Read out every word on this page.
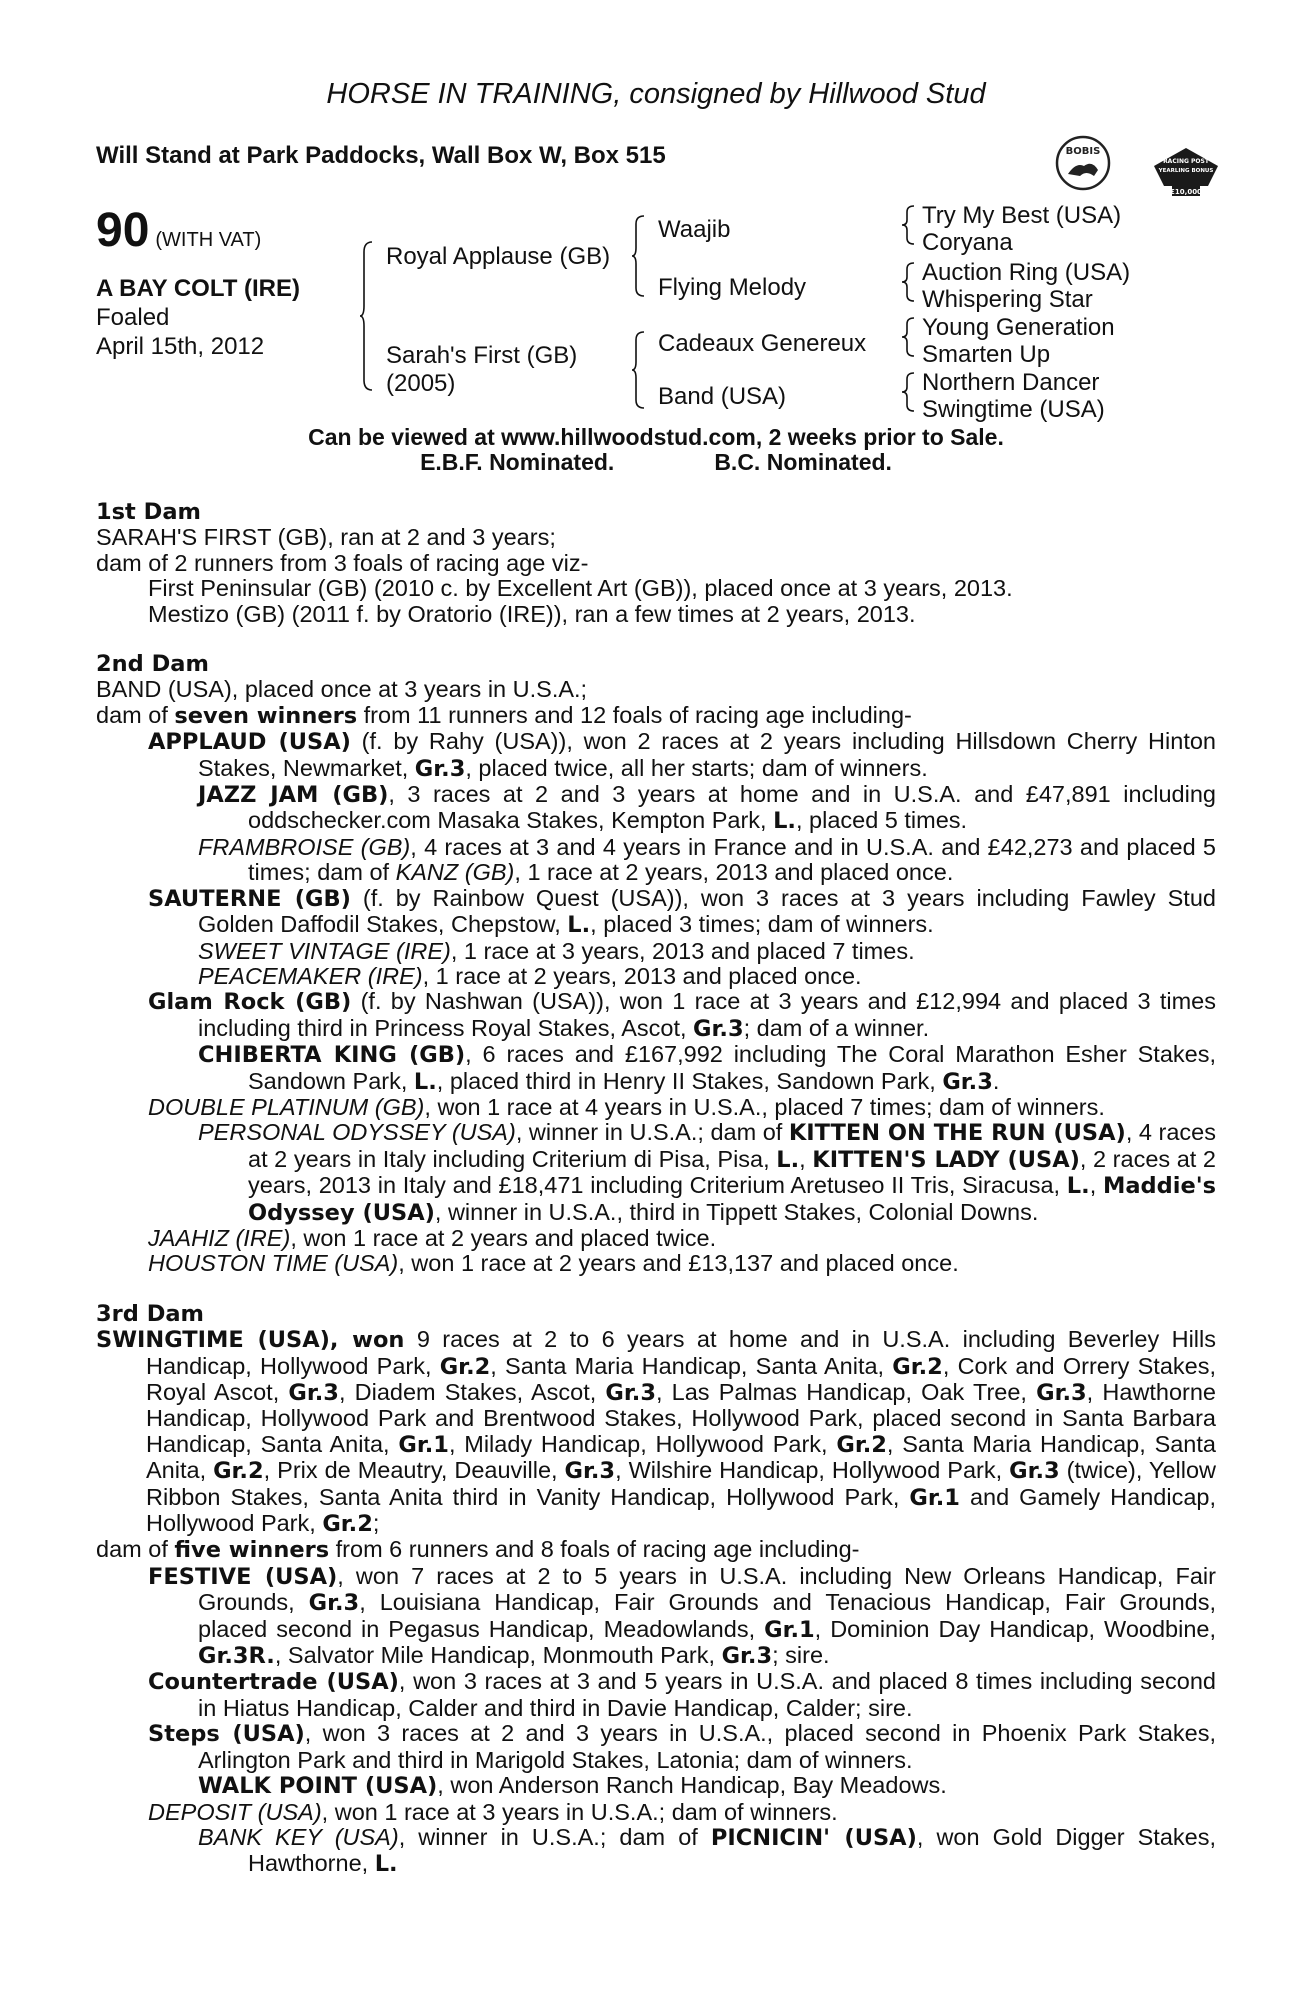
HORSE IN TRAINING, consigned by Hillwood Stud
Will Stand at Park Paddocks, Wall Box W, Box 515	BOBIS
RACING POST
YEARLING BONUS
£10,000
90 (WITH VAT)
A BAY COLT (IRE)
Foaled
April 15th, 2012
Royal Applause (GB)
Sarah's First (GB)
(2005)
Waajib
Flying Melody
Cadeaux Genereux
Band (USA)
Try My Best (USA)
Coryana
Auction Ring (USA)
Whispering Star
Young Generation
Smarten Up
Northern Dancer
Swingtime (USA)
Can be viewed at www.hillwoodstud.com, 2 weeks prior to Sale.
E.B.F. Nominated.	B.C. Nominated.

1st Dam

SARAH'S FIRST (GB), ran at 2 and 3 years;

dam of 2 runners from 3 foals of racing age viz-

First Peninsular (GB) (2010 c. by Excellent Art (GB)), placed once at 3 years, 2013.

Mestizo (GB) (2011 f. by Oratorio (IRE)), ran a few times at 2 years, 2013.

2nd Dam

BAND (USA), placed once at 3 years in U.S.A.;

dam of seven winners from 11 runners and 12 foals of racing age including-

APPLAUD (USA) (f. by Rahy (USA)), won 2 races at 2 years including Hillsdown Cherry Hinton Stakes, Newmarket, Gr.3, placed twice, all her starts; dam of winners.

JAZZ JAM (GB), 3 races at 2 and 3 years at home and in U.S.A. and £47,891 including oddschecker.com Masaka Stakes, Kempton Park, L., placed 5 times.

FRAMBROISE (GB), 4 races at 3 and 4 years in France and in U.S.A. and £42,273 and placed 5 times; dam of KANZ (GB), 1 race at 2 years, 2013 and placed once.

SAUTERNE (GB) (f. by Rainbow Quest (USA)), won 3 races at 3 years including Fawley Stud Golden Daffodil Stakes, Chepstow, L., placed 3 times; dam of winners.

SWEET VINTAGE (IRE), 1 race at 3 years, 2013 and placed 7 times.

PEACEMAKER (IRE), 1 race at 2 years, 2013 and placed once.

Glam Rock (GB) (f. by Nashwan (USA)), won 1 race at 3 years and £12,994 and placed 3 times including third in Princess Royal Stakes, Ascot, Gr.3; dam of a winner.

CHIBERTA KING (GB), 6 races and £167,992 including The Coral Marathon Esher Stakes, Sandown Park, L., placed third in Henry II Stakes, Sandown Park, Gr.3.

DOUBLE PLATINUM (GB), won 1 race at 4 years in U.S.A., placed 7 times; dam of winners.

PERSONAL ODYSSEY (USA), winner in U.S.A.; dam of KITTEN ON THE RUN (USA), 4 races at 2 years in Italy including Criterium di Pisa, Pisa, L., KITTEN'S LADY (USA), 2 races at 2 years, 2013 in Italy and £18,471 including Criterium Aretuseo II Tris, Siracusa, L., Maddie's Odyssey (USA), winner in U.S.A., third in Tippett Stakes, Colonial Downs.

JAAHIZ (IRE), won 1 race at 2 years and placed twice.

HOUSTON TIME (USA), won 1 race at 2 years and £13,137 and placed once.

3rd Dam

SWINGTIME (USA), won 9 races at 2 to 6 years at home and in U.S.A. including Beverley Hills Handicap, Hollywood Park, Gr.2, Santa Maria Handicap, Santa Anita, Gr.2, Cork and Orrery Stakes, Royal Ascot, Gr.3, Diadem Stakes, Ascot, Gr.3, Las Palmas Handicap, Oak Tree, Gr.3, Hawthorne Handicap, Hollywood Park and Brentwood Stakes, Hollywood Park, placed second in Santa Barbara Handicap, Santa Anita, Gr.1, Milady Handicap, Hollywood Park, Gr.2, Santa Maria Handicap, Santa Anita, Gr.2, Prix de Meautry, Deauville, Gr.3, Wilshire Handicap, Hollywood Park, Gr.3 (twice), Yellow Ribbon Stakes, Santa Anita third in Vanity Handicap, Hollywood Park, Gr.1 and Gamely Handicap, Hollywood Park, Gr.2;

dam of five winners from 6 runners and 8 foals of racing age including-

FESTIVE (USA), won 7 races at 2 to 5 years in U.S.A. including New Orleans Handicap, Fair Grounds, Gr.3, Louisiana Handicap, Fair Grounds and Tenacious Handicap, Fair Grounds, placed second in Pegasus Handicap, Meadowlands, Gr.1, Dominion Day Handicap, Woodbine, Gr.3R., Salvator Mile Handicap, Monmouth Park, Gr.3; sire.

Countertrade (USA), won 3 races at 3 and 5 years in U.S.A. and placed 8 times including second in Hiatus Handicap, Calder and third in Davie Handicap, Calder; sire.

Steps (USA), won 3 races at 2 and 3 years in U.S.A., placed second in Phoenix Park Stakes, Arlington Park and third in Marigold Stakes, Latonia; dam of winners.

WALK POINT (USA), won Anderson Ranch Handicap, Bay Meadows.

DEPOSIT (USA), won 1 race at 3 years in U.S.A.; dam of winners.

BANK KEY (USA), winner in U.S.A.; dam of PICNICIN' (USA), won Gold Digger Stakes, Hawthorne, L.
